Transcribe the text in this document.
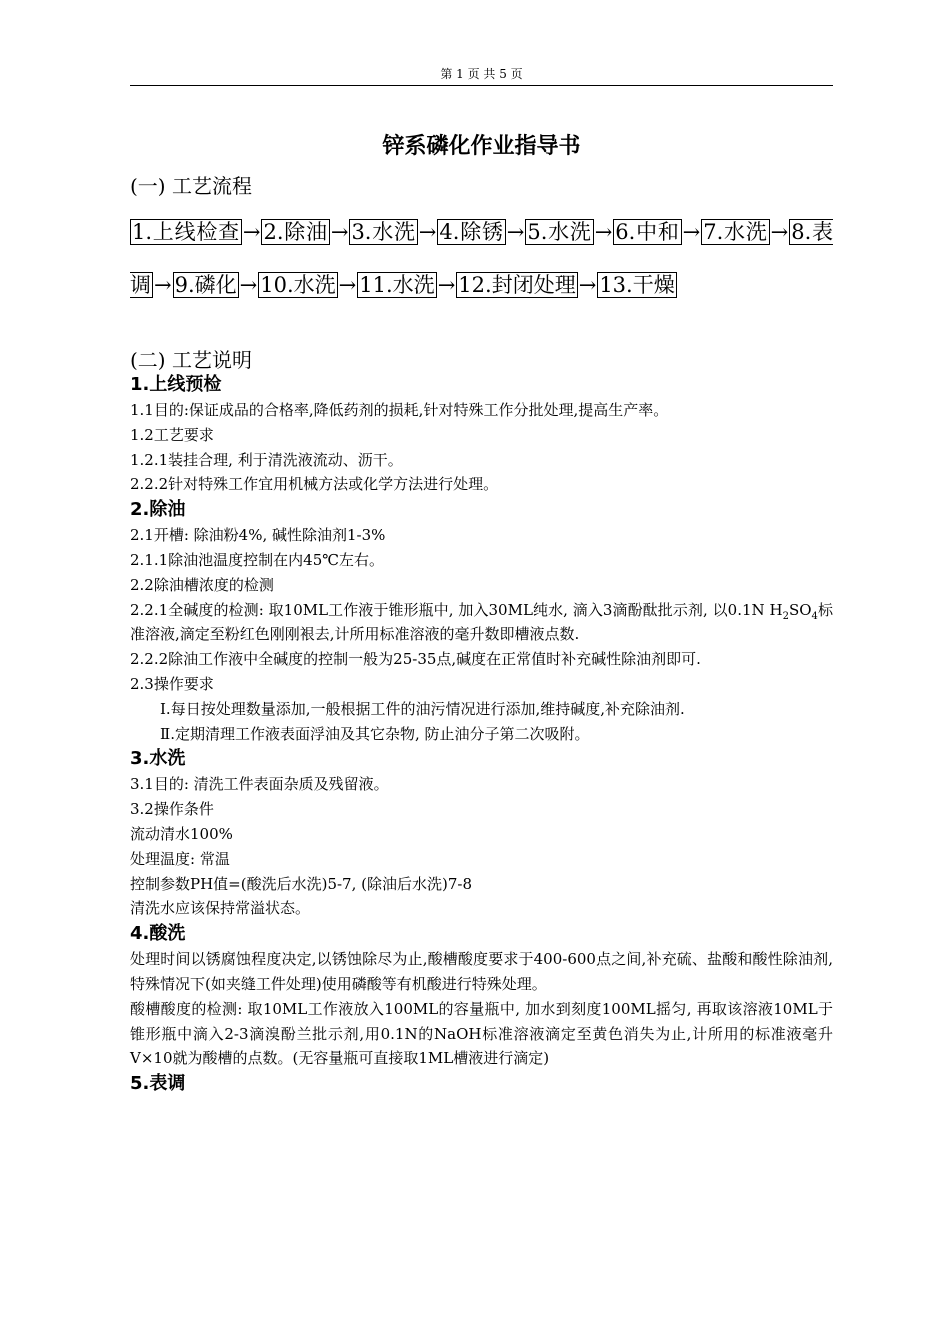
第 1 页 共 5 页
锌系磷化作业指导书
(一) 工艺流程
1.上线检查 → 2.除油 → 3.水洗 → 4.除锈 → 5.水洗 → 6.中和 → 7.水洗 → 8.表调 → 9.磷化 → 10.水洗 → 11.水洗 → 12.封闭处理 → 13.干燥
(二) 工艺说明

1.上线预检

1.1目的:保证成品的合格率,降低药剂的损耗,针对特殊工作分批处理,提高生产率。

1.2工艺要求

1.2.1装挂合理, 利于清洗液流动、沥干。

2.2.2针对特殊工作宜用机械方法或化学方法进行处理。

2.除油

2.1开槽: 除油粉4%, 碱性除油剂1-3%

2.1.1除油池温度控制在内45℃左右。

2.2除油槽浓度的检测

2.2.1全碱度的检测: 取10ML工作液于锥形瓶中, 加入30ML纯水, 滴入3滴酚酞批示剂, 以0.1N $H_2SO_4$标准溶液,滴定至粉红色刚刚裉去,计所用标准溶液的毫升数即槽液点数.

2.2.2除油工作液中全碱度的控制一般为25-35点,碱度在正常值时补充碱性除油剂即可.

2.3操作要求

Ⅰ.每日按处理数量添加,一般根据工件的油污情况进行添加,维持碱度,补充除油剂.

Ⅱ.定期清理工作液表面浮油及其它杂物, 防止油分子第二次吸附。

3.水洗

3.1目的: 清洗工件表面杂质及残留液。

3.2操作条件

流动清水100%

处理温度: 常温

控制参数PH值=(酸洗后水洗)5-7, (除油后水洗)7-8

清洗水应该保持常溢状态。

4.酸洗

处理时间以锈腐蚀程度决定,以锈蚀除尽为止,酸槽酸度要求于400-600点之间,补充硫、盐酸和酸性除油剂,特殊情况下(如夹缝工件处理)使用磷酸等有机酸进行特殊处理。

酸槽酸度的检测: 取10ML工作液放入100ML的容量瓶中, 加水到刻度100ML摇匀, 再取该溶液10ML于锥形瓶中滴入2-3滴溴酚兰批示剂,用0.1N的NaOH标准溶液滴定至黄色消失为止,计所用的标准液毫升V×10就为酸槽的点数。(无容量瓶可直接取1ML槽液进行滴定)

5.表调
